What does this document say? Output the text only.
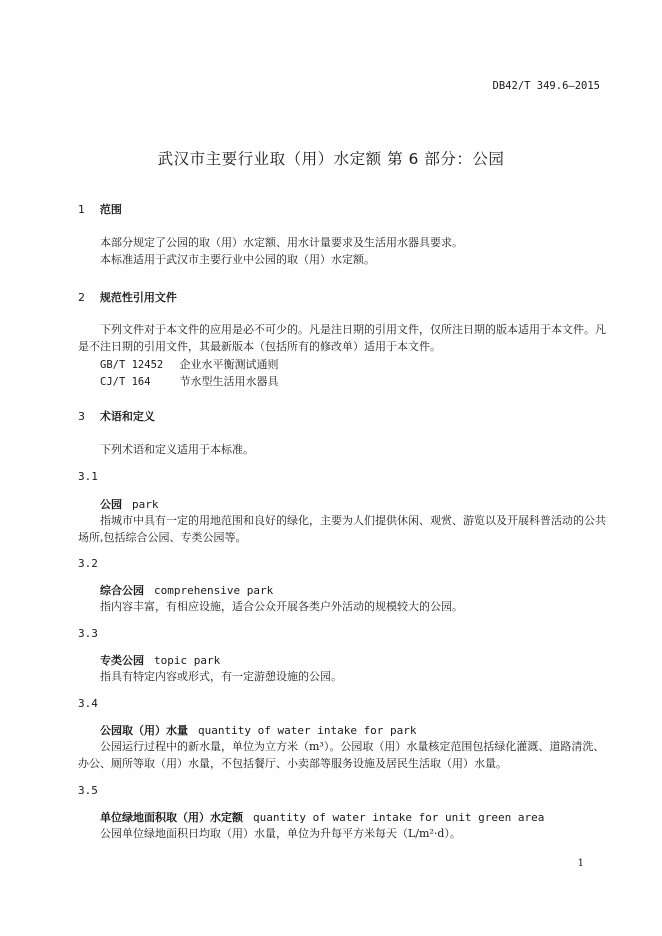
DB42/T 349.6—2015
武汉市主要行业取（用）水定额 第 6 部分：公园
1 范围
本部分规定了公园的取（用）水定额、用水计量要求及生活用水器具要求。
本标准适用于武汉市主要行业中公园的取（用）水定额。
2 规范性引用文件
下列文件对于本文件的应用是必不可少的。凡是注日期的引用文件，仅所注日期的版本适用于本文件。凡是不注日期的引用文件，其最新版本（包括所有的修改单）适用于本文件。
GB/T 12452 企业水平衡测试通则
CJ/T 164	节水型生活用水器具
3 术语和定义
下列术语和定义适用于本标准。
3.1
公园 park
指城市中具有一定的用地范围和良好的绿化，主要为人们提供休闲、观赏、游览以及开展科普活动的公共场所,包括综合公园、专类公园等。
3.2
综合公园 comprehensive park
指内容丰富，有相应设施，适合公众开展各类户外活动的规模较大的公园。
3.3
专类公园 topic park
指具有特定内容或形式，有一定游憩设施的公园。
3.4
公园取（用）水量 quantity of water intake for park
公园运行过程中的新水量，单位为立方米（m³）。公园取（用）水量核定范围包括绿化灌溉、道路清洗、办公、厕所等取（用）水量，不包括餐厅、小卖部等服务设施及居民生活取（用）水量。
3.5
单位绿地面积取（用）水定额 quantity of water intake for unit green area
公园单位绿地面积日均取（用）水量，单位为升每平方米每天（L/m²·d）。
1
